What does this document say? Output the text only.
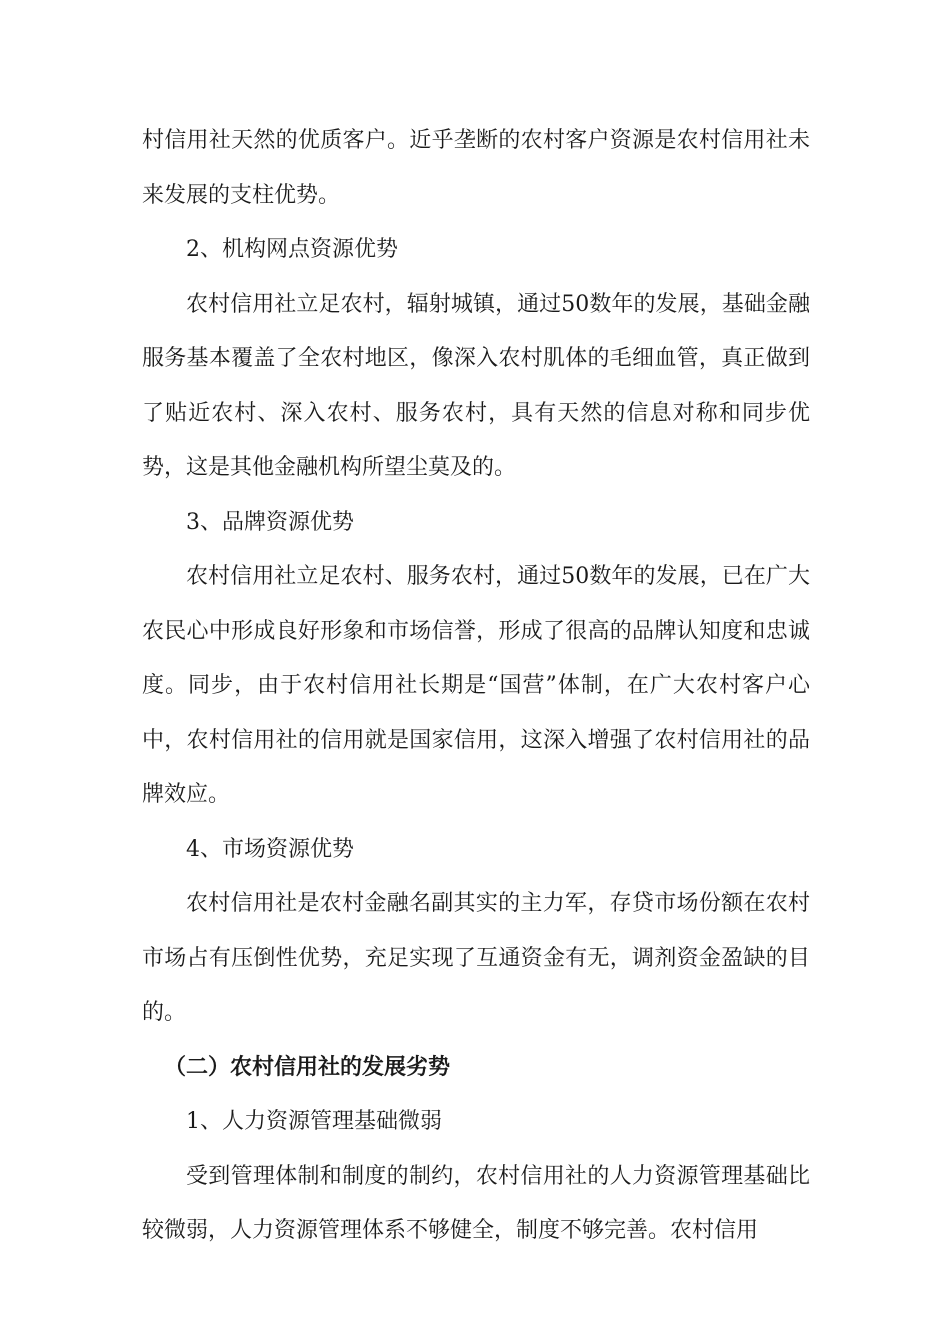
村信用社天然的优质客户。近乎垄断的农村客户资源是农村信用社未来发展的支柱优势。

2、机构网点资源优势

农村信用社立足农村，辐射城镇，通过50数年的发展，基础金融服务基本覆盖了全农村地区，像深入农村肌体的毛细血管，真正做到了贴近农村、深入农村、服务农村，具有天然的信息对称和同步优势，这是其他金融机构所望尘莫及的。

3、品牌资源优势

农村信用社立足农村、服务农村，通过50数年的发展，已在广大农民心中形成良好形象和市场信誉，形成了很高的品牌认知度和忠诚度。同步，由于农村信用社长期是“国营”体制，在广大农村客户心中，农村信用社的信用就是国家信用，这深入增强了农村信用社的品牌效应。

4、市场资源优势

农村信用社是农村金融名副其实的主力军，存贷市场份额在农村市场占有压倒性优势，充足实现了互通资金有无，调剂资金盈缺的目的。

（二）农村信用社的发展劣势

1、人力资源管理基础微弱

受到管理体制和制度的制约，农村信用社的人力资源管理基础比较微弱，人力资源管理体系不够健全，制度不够完善。农村信用
